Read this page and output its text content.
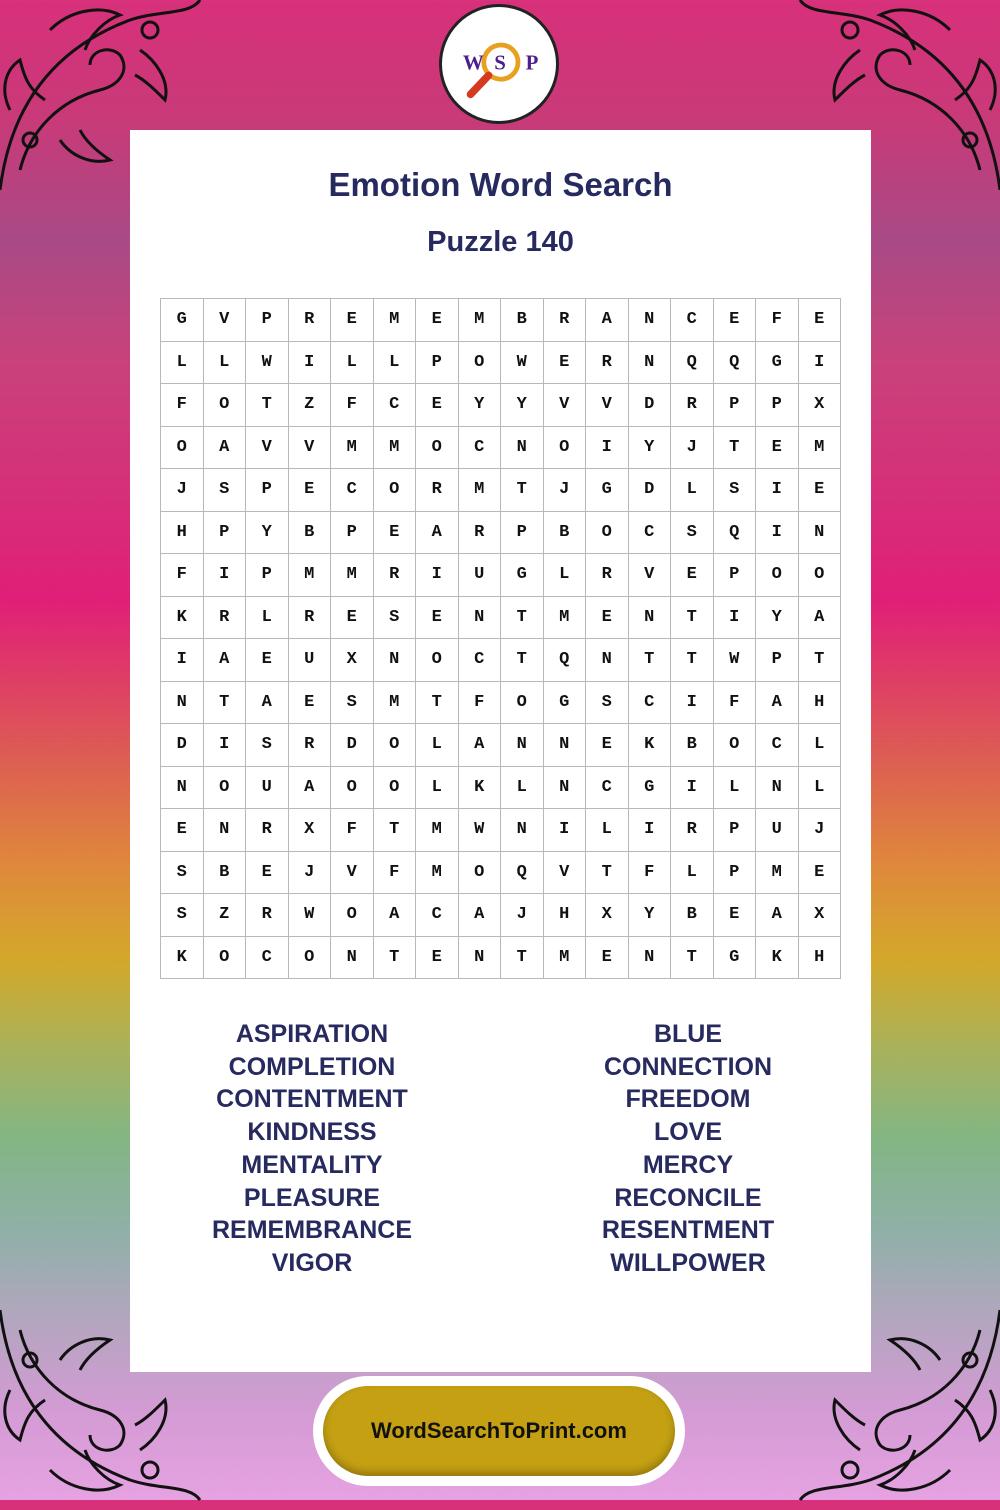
W S P
Emotion Word Search
Puzzle 140
G	V	P	R	E	M	E	M	B	R	A	N	C	E	F	E
L	L	W	I	L	L	P	O	W	E	R	N	Q	Q	G	I
F	O	T	Z	F	C	E	Y	Y	V	V	D	R	P	P	X
O	A	V	V	M	M	O	C	N	O	I	Y	J	T	E	M
J	S	P	E	C	O	R	M	T	J	G	D	L	S	I	E
H	P	Y	B	P	E	A	R	P	B	O	C	S	Q	I	N
F	I	P	M	M	R	I	U	G	L	R	V	E	P	O	O
K	R	L	R	E	S	E	N	T	M	E	N	T	I	Y	A
I	A	E	U	X	N	O	C	T	Q	N	T	T	W	P	T
N	T	A	E	S	M	T	F	O	G	S	C	I	F	A	H
D	I	S	R	D	O	L	A	N	N	E	K	B	O	C	L
N	O	U	A	O	O	L	K	L	N	C	G	I	L	N	L
E	N	R	X	F	T	M	W	N	I	L	I	R	P	U	J
S	B	E	J	V	F	M	O	Q	V	T	F	L	P	M	E
S	Z	R	W	O	A	C	A	J	H	X	Y	B	E	A	X
K	O	C	O	N	T	E	N	T	M	E	N	T	G	K	H
ASPIRATION
COMPLETION
CONTENTMENT
KINDNESS
MENTALITY
PLEASURE
REMEMBRANCE
VIGOR
BLUE
CONNECTION
FREEDOM
LOVE
MERCY
RECONCILE
RESENTMENT
WILLPOWER
WordSearchToPrint.com
